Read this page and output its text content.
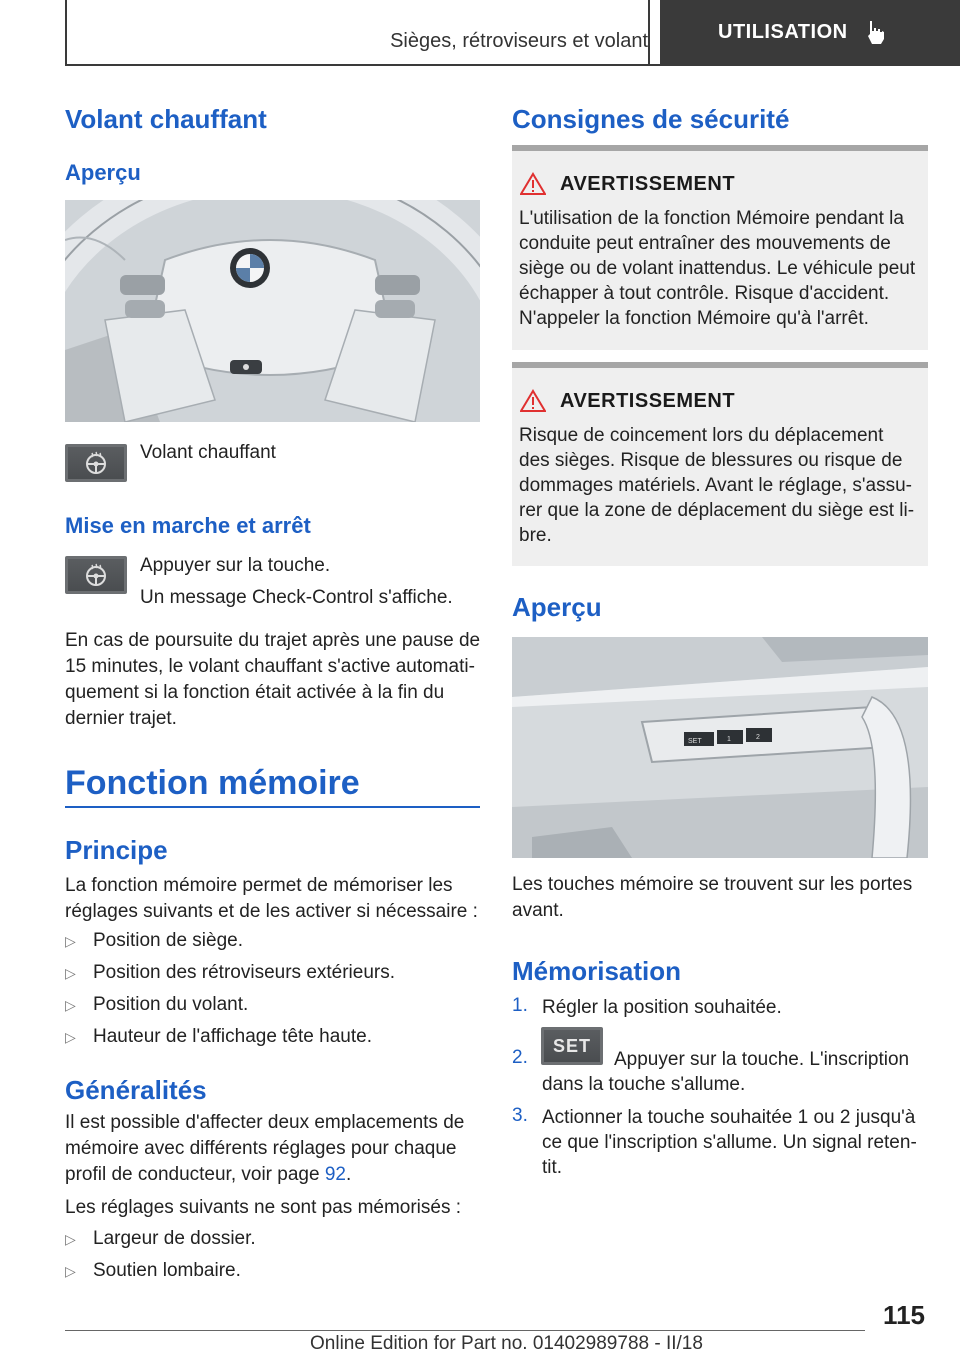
Sièges, rétroviseurs et volant	UTILISATION
Volant chauffant
Aperçu

Volant chauffant

Mise en marche et arrêt

Appuyer sur la touche.

Un message Check-Control s'affiche.

En cas de poursuite du trajet après une pause de

15 minutes, le volant chauffant s'active automati-

quement si la fonction était activée à la fin du

dernier trajet.

Fonction mémoire
Principe

La fonction mémoire permet de mémoriser les

réglages suivants et de les activer si nécessaire :

▷ Position de siège.
▷ Position des rétroviseurs extérieurs.
▷ Position du volant.
▷ Hauteur de l'affichage tête haute.
Généralités

Il est possible d'affecter deux emplacements de

mémoire avec différents réglages pour chaque

profil de conducteur, voir page 92.

Les réglages suivants ne sont pas mémorisés :

▷ Largeur de dossier.
▷ Soutien lombaire.
Consignes de sécurité
AVERTISSEMENT

L'utilisation de la fonction Mémoire pendant la

conduite peut entraîner des mouvements de

siège ou de volant inattendus. Le véhicule peut

échapper à tout contrôle. Risque d'accident.

N'appeler la fonction Mémoire qu'à l'arrêt.

AVERTISSEMENT

Risque de coincement lors du déplacement

des sièges. Risque de blessures ou risque de

dommages matériels. Avant le réglage, s'assu-

rer que la zone de déplacement du siège est li-

bre.

Aperçu
SET	1	2

Les touches mémoire se trouvent sur les portes

avant.

Mémorisation
1. Régler la position souhaitée.

2.
SET

Appuyer sur la touche. L'inscription

dans la touche s'allume.

3. Actionner la touche souhaitée 1 ou 2 jusqu'à

ce que l'inscription s'allume. Un signal reten-

tit.

115
Online Edition for Part no. 01402989788 - II/18
